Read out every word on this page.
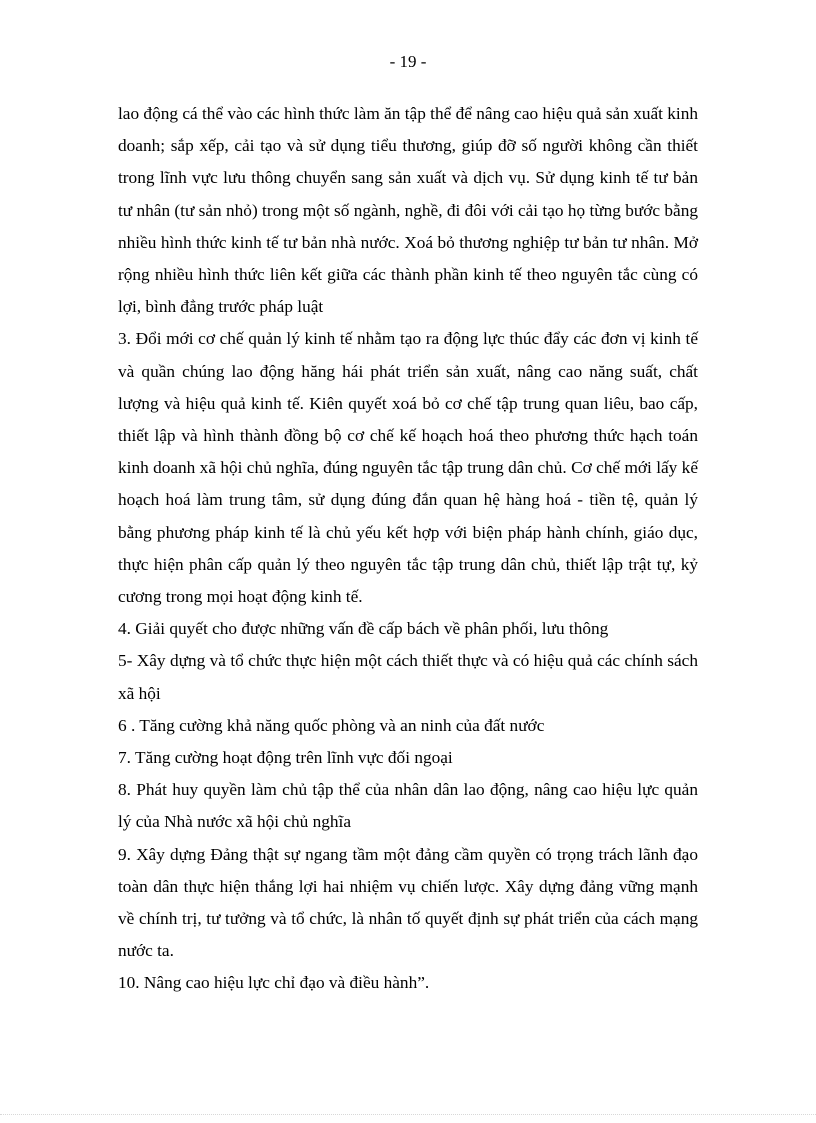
- 19 -

lao động cá thể vào các hình thức làm ăn tập thể để nâng cao hiệu quả sản xuất kinh doanh; sắp xếp, cải tạo và sử dụng tiểu thương, giúp đỡ số người không cần thiết trong lĩnh vực lưu thông chuyển sang sản xuất và dịch vụ. Sử dụng kinh tế tư bản tư nhân (tư sản nhỏ) trong một số ngành, nghề, đi đôi với cải tạo họ từng bước bằng nhiều hình thức kinh tế tư bản nhà nước. Xoá bỏ thương nghiệp tư bản tư nhân. Mở rộng nhiều hình thức liên kết giữa các thành phần kinh tế theo nguyên tắc cùng có lợi, bình đẳng trước pháp luật

3. Đổi mới cơ chế quản lý kinh tế nhằm tạo ra động lực thúc đẩy các đơn vị kinh tế và quần chúng lao động hăng hái phát triển sản xuất, nâng cao năng suất, chất lượng và hiệu quả kinh tế. Kiên quyết xoá bỏ cơ chế tập trung quan liêu, bao cấp, thiết lập và hình thành đồng bộ cơ chế kế hoạch hoá theo phương thức hạch toán kinh doanh xã hội chủ nghĩa, đúng nguyên tắc tập trung dân chủ. Cơ chế mới lấy kế hoạch hoá làm trung tâm, sử dụng đúng đắn quan hệ hàng hoá - tiền tệ, quản lý bằng phương pháp kinh tế là chủ yếu kết hợp với biện pháp hành chính, giáo dục, thực hiện phân cấp quản lý theo nguyên tắc tập trung dân chủ, thiết lập trật tự, kỷ cương trong mọi hoạt động kinh tế.

4. Giải quyết cho được những vấn đề cấp bách về phân phối, lưu thông

5- Xây dựng và tổ chức thực hiện một cách thiết thực và có hiệu quả các chính sách xã hội

6 . Tăng cường khả năng quốc phòng và an ninh của đất nước

7. Tăng cường hoạt động trên lĩnh vực đối ngoại

8. Phát huy quyền làm chủ tập thể của nhân dân lao động, nâng cao hiệu lực quản lý của Nhà nước xã hội chủ nghĩa

9. Xây dựng Đảng thật sự ngang tầm một đảng cầm quyền có trọng trách lãnh đạo toàn dân thực hiện thắng lợi hai nhiệm vụ chiến lược. Xây dựng đảng vững mạnh về chính trị, tư tưởng và tổ chức, là nhân tố quyết định sự phát triển của cách mạng nước ta.

10. Nâng cao hiệu lực chỉ đạo và điều hành”.
